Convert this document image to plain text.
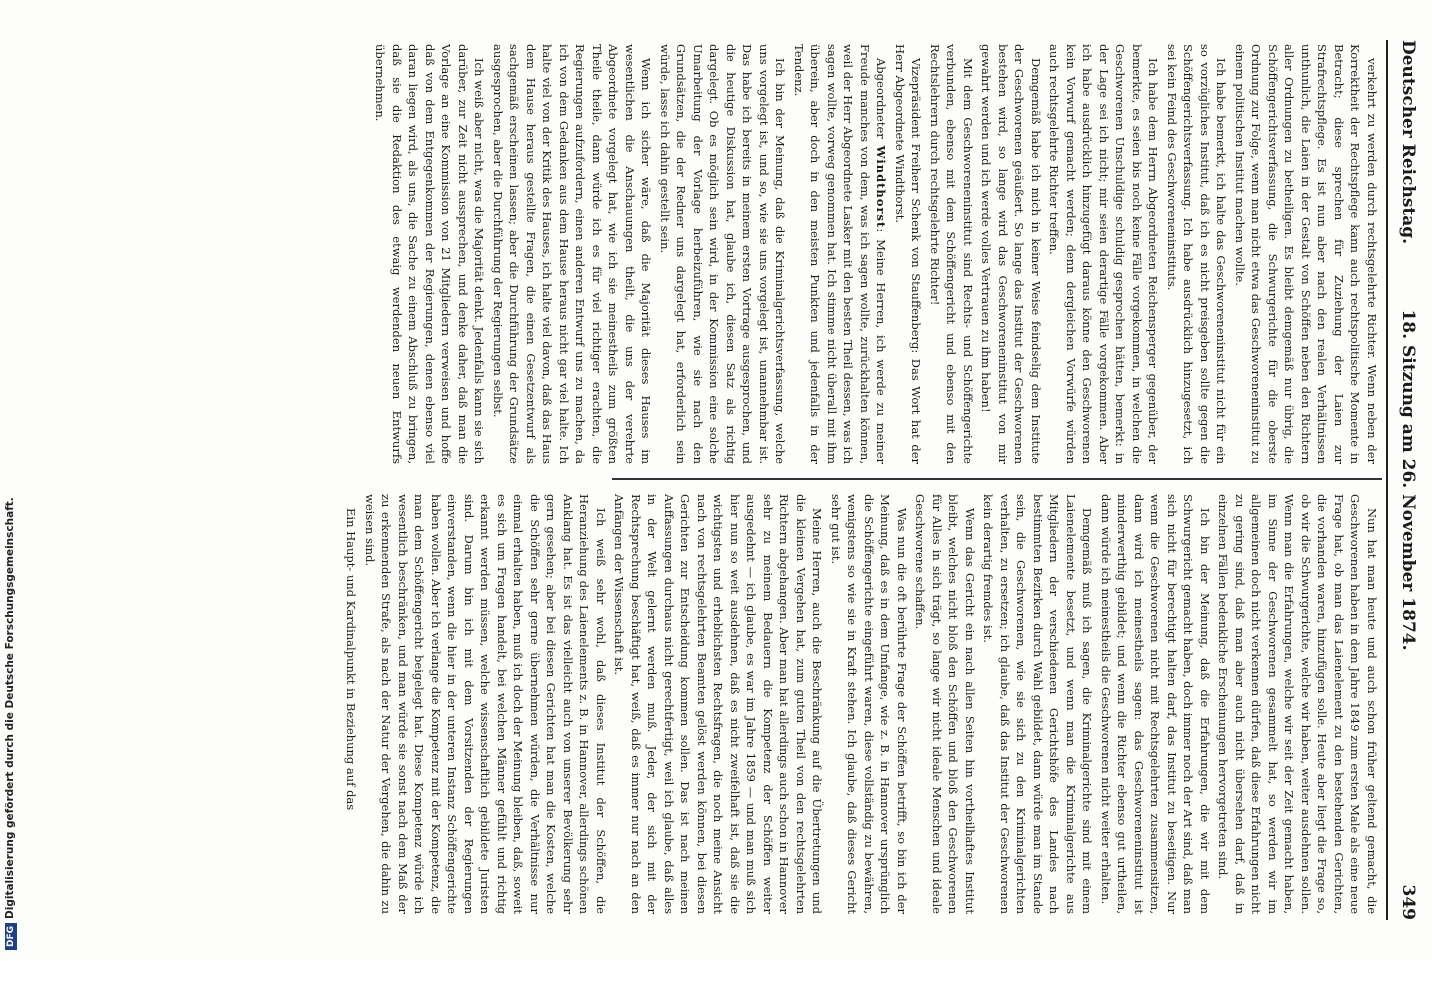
Deutscher Reichstag.
18. Sitzung am 26. November 1874.
349

verkehrt zu werden durch rechtsgelehrte Richter. Wenn neben der Korrektheit der Rechtspflege kann auch rechtspolitische Momente in Betracht; diese sprechen für Zuziehung der Laien zur Strafrechtspflege. Es ist nun aber nach den realen Verhältnissen unthunlich, die Laien in der Gestalt von Schöffen neben den Richtern aller Ordnungen zu betheiligen. Es bleibt demgemäß nur übrig, die Schöffengerichtsverfassung, die Schwurgerichte für die oberste Ordnung zur Folge, wenn man nicht etwa das Geschworeneninstitut zu einem politischen Institut machen wollte.

Ich habe bemerkt, ich halte das Geschworeneninstitut nicht für ein so vorzügliches Institut, daß ich es nicht preisgeben sollte gegen die Schöffengerichtsverfassung. Ich habe ausdrücklich hinzugesetzt, ich sei kein Feind des Geschworeneninstituts.

Ich habe dem Herrn Abgeordneten Reichensperger gegenüber, der bemerkte, es seien bis noch keine Fälle vorgekommen, in welchen die Geschworenen Unschuldige schuldig gesprochen hätten, bemerkt: in der Lage sei ich nicht; mir seien derartige Fälle vorgekommen. Aber ich habe ausdrücklich hinzugefügt daraus könne den Geschworenen kein Vorwurf gemacht werden; denn dergleichen Vorwürfe würden auch rechtsgelehrte Richter treffen.

Demgemäß habe ich mich in keiner Weise feindselig dem Institute der Geschworenen geäußert. So lange das Institut der Geschworenen bestehen wird, so lange wird das Geschworeneninstitut von mir gewahrt werden und ich werde volles Vertrauen zu ihm haben!

Mit dem Geschworeneninstitut sind Rechts- und Schöffengerichte verbunden, ebenso mit dem Schöffengericht und ebenso mit den Rechtslehrern durch rechtsgelehrte Richter!

Vizepräsident Freiherr Schenk von Stauffenberg: Das Wort hat der Herr Abgeordnete Windthorst.

Abgeordneter Windthorst: Meine Herren, ich werde zu meiner Freude manches von dem, was ich sagen wollte, zurückhalten können, weil der Herr Abgeordnete Lasker mit den besten Theil dessen, was ich sagen wollte, vorweg genommen hat. Ich stimme nicht überall mit ihm überein, aber doch in den meisten Punkten und jedenfalls in der Tendenz.

Ich bin der Meinung, daß die Kriminalgerichtsverfassung, welche uns vorgelegt ist, und so, wie sie uns vorgelegt ist, unannehmbar ist. Das habe ich bereits in meinem ersten Vortrage ausgesprochen, und die heutige Diskussion hat, glaube ich, diesen Satz als richtig dargelegt. Ob es möglich sein wird, in der Kommission eine solche Umarbeitung der Vorlage herbeizuführen, wie sie nach den Grundsätzen, die der Redner uns dargelegt hat, erforderlich sein würde, lasse ich dahin gestellt sein.

Wenn ich sicher wäre, daß die Majorität dieses Hauses im wesentlichen die Anschauungen theilt, die uns der verehrte Abgeordnete vorgelegt hat, wie ich sie meinestheils zum größten Theile theile, dann würde ich es für viel richtiger erachten, die Regierungen aufzufordern, einen anderen Entwurf uns zu machen, da ich von dem Gedanken aus dem Hause heraus nicht gar viel halte. Ich halte viel von der Kritik des Hauses, ich halte viel davon, daß das Haus dem Hause heraus gestellte Fragen, die einen Gesetzentwurf als sachgemäß erscheinen lassen; aber die Durchführung der Grundsätze ausgesprochen, aber die Durchführung der Regierungen selbst.

Ich weiß aber nicht, was die Majorität denkt. Jedenfalls kann sie sich darüber, zur Zeit nicht aussprechen, und denke daher, daß man die Vorlage an eine Kommission von 21 Mitgliedern verweisen und hoffe daß von dem Entgegenkommen der Regierungen, denen ebenso viel daran liegen wird, als uns, die Sache zu einem Abschluß zu bringen, daß sie die Redaktion des etwaig werdenden neuen Entwurfs übernehmen.

Nun hat man heute und auch schon früher geltend gemacht, die Geschworenen haben in dem Jahre 1849 zum ersten Male als eine neue Frage hat, ob man das Laienelement zu den bestehenden Gerichten, die vorhanden waren, hinzufügen solle. Heute aber liegt die Frage so, ob wir die Schwurgerichte, welche wir haben, weiter ausdehnen sollen. Wenn man die Erfahrungen, welche wir seit der Zeit gemacht haben, im Sinne der Geschworenen gesammelt hat, so werden wir im allgemeinen doch nicht verkennen dürfen, daß diese Erfahrungen nicht zu gering sind, daß man aber auch nicht übersehen darf, daß in einzelnen Fällen bedenkliche Erscheinungen hervorgetreten sind.

Ich bin der Meinung, daß die Erfahrungen, die wir mit dem Schwurgericht gemacht haben, doch immer noch der Art sind, daß man sich nicht für berechtigt halten darf, das Institut zu beseitigen. Nur wenn die Geschworenen nicht mit Rechtsgelehrten zusammensitzen, dann wird ich meinestheils sagen: das Geschworeneninstitut ist minderwerthig gebildet; und wenn die Richter ebenso gut urtheilen, dann würde ich meinestheils die Geschworenen nicht weiter erhalten.

Demgemäß muß ich sagen, die Kriminalgerichte sind mit einem Laienelemente besetzt, und wenn man die Kriminalgerichte aus Mitgliedern der verschiedenen Gerichtshöfe des Landes nach bestimmten Bezirken durch Wahl gebildet, dann würde man im Stande sein, die Geschworenen, wie sie sich zu den Kriminalgerichten verhalten, zu ersetzen; ich glaube, daß das Institut der Geschworenen kein derartig fremdes ist.

Wenn das Gericht ein nach allen Seiten hin vortheilhaftes Institut bleibt, welches nicht bloß den Schöffen und bloß den Geschworenen für Alles in sich trägt, so lange wir nicht ideale Menschen und ideale Geschworene schaffen.

Was nun die oft berührte Frage der Schöffen betrifft, so bin ich der Meinung, daß es in dem Umfange, wie z. B. in Hannover ursprünglich die Schöffengerichte eingeführt waren, diese vollständig zu bewähren, wenigstens so wie sie in Kraft stehen. Ich glaube, daß dieses Gericht sehr gut ist.

Meine Herren, auch die Beschränkung auf die Übertretungen und die kleinen Vergehen hat, zum guten Theil von den rechtsgelehrten Richtern abgehangen. Aber man hat allerdings auch schon in Hannover sehr zu meinem Bedauern die Kompetenz der Schöffen weiter ausgedehnt — ich glaube, es war im Jahre 1859 — und man muß sich hier nun so weit ausdehnen, daß es nicht zweifelhaft ist, daß sie die wichtigsten und erheblichsten Rechtsfragen, die noch meine Ansicht nach von rechtsgelehrten Beamten gelöst werden können, bei diesen Gerichten zur Entscheidung kommen sollen. Das ist nach meinen Auffassungen durchaus nicht gerechtfertigt, weil ich glaube, daß alles in der Welt gelernt werden muß. Jeder, der sich mit der Rechtsprechung beschäftigt hat, weiß, daß es immer nur nach an den Anfängen der Wissenschaft ist.

Ich weiß sehr wohl, daß dieses Institut der Schöffen, die Heranziehung des Laienelements z. B. in Hannover, allerdings schönen Anklang hat. Es ist das vielleicht auch von unserer Bevölkerung sehr gern gesehen; aber bei diesen Gerichten hat man die Kosten, welche die Schöffen sehr gerne übernehmen würden, die Verhältnisse nur einmal erhalten haben, muß ich doch der Meinung bleiben, daß, soweit es sich um Fragen handelt, bei welchen Männer gefühlt und richtig erkannt werden müssen, welche wissenschaftlich gebildete Juristen sind. Darum bin ich mit dem Vorsitzenden der Regierungen einverstanden, wenn die hier in der unteren Instanz Schöffengerichte haben wollen. Aber ich verlange die Kompetenz mit der Kompetenz, die man dem Schöffengericht beigelegt hat. Diese Kompetenz würde ich wesentlich beschränken, und man würde sie sonst nach dem Maß der zu erkennenden Strafe, als nach der Natur der Vergehen, die dahin zu weisen sind.

Ein Haupt- und Kardinalpunkt in Beziehung auf das

DFGDigitalisierung gefördert durch die Deutsche Forschungsgemeinschaft.
